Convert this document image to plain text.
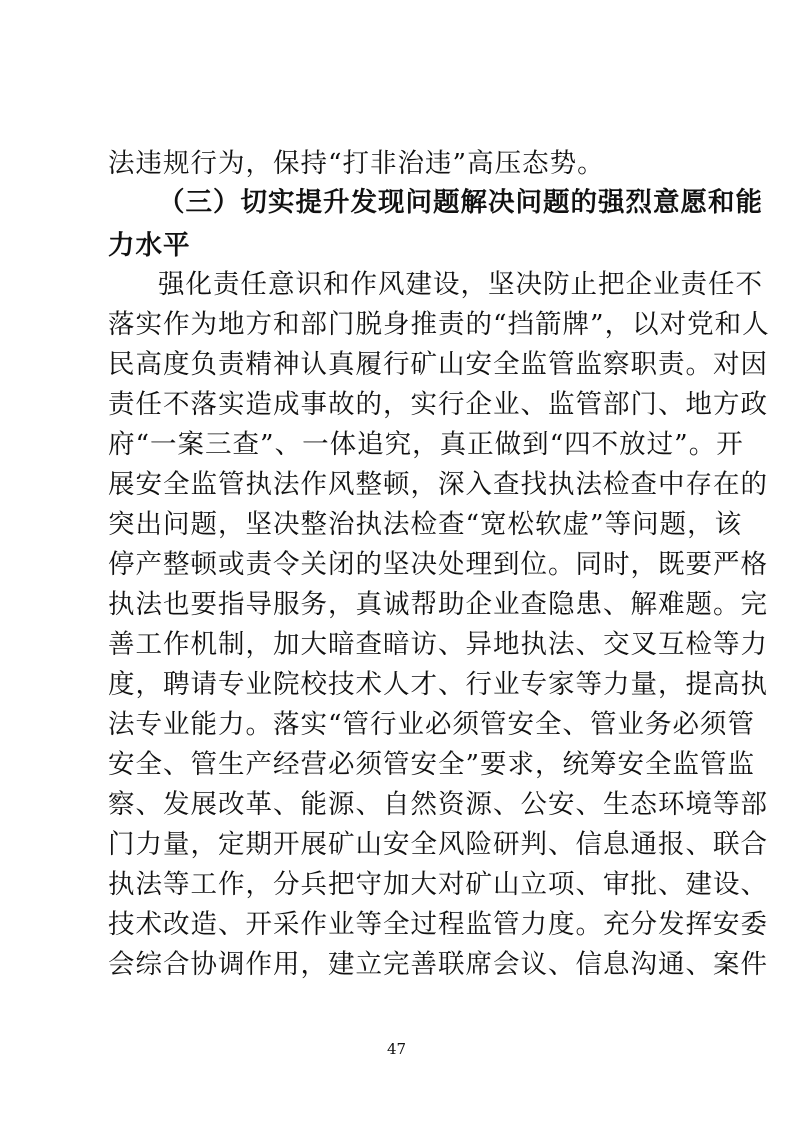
法违规行为，保持“打非治违”高压态势。
（三）切实提升发现问题解决问题的强烈意愿和能
力水平
强化责任意识和作风建设，坚决防止把企业责任不
落实作为地方和部门脱身推责的“挡箭牌”，以对党和人
民高度负责精神认真履行矿山安全监管监察职责。对因
责任不落实造成事故的，实行企业、监管部门、地方政
府“一案三查”、一体追究，真正做到“四不放过”。开
展安全监管执法作风整顿，深入查找执法检查中存在的
突出问题，坚决整治执法检查“宽松软虚”等问题，该
停产整顿或责令关闭的坚决处理到位。同时，既要严格
执法也要指导服务，真诚帮助企业查隐患、解难题。完
善工作机制，加大暗查暗访、异地执法、交叉互检等力
度，聘请专业院校技术人才、行业专家等力量，提高执
法专业能力。落实“管行业必须管安全、管业务必须管
安全、管生产经营必须管安全”要求，统筹安全监管监
察、发展改革、能源、自然资源、公安、生态环境等部
门力量，定期开展矿山安全风险研判、信息通报、联合
执法等工作，分兵把守加大对矿山立项、审批、建设、
技术改造、开采作业等全过程监管力度。充分发挥安委
会综合协调作用，建立完善联席会议、信息沟通、案件
47
